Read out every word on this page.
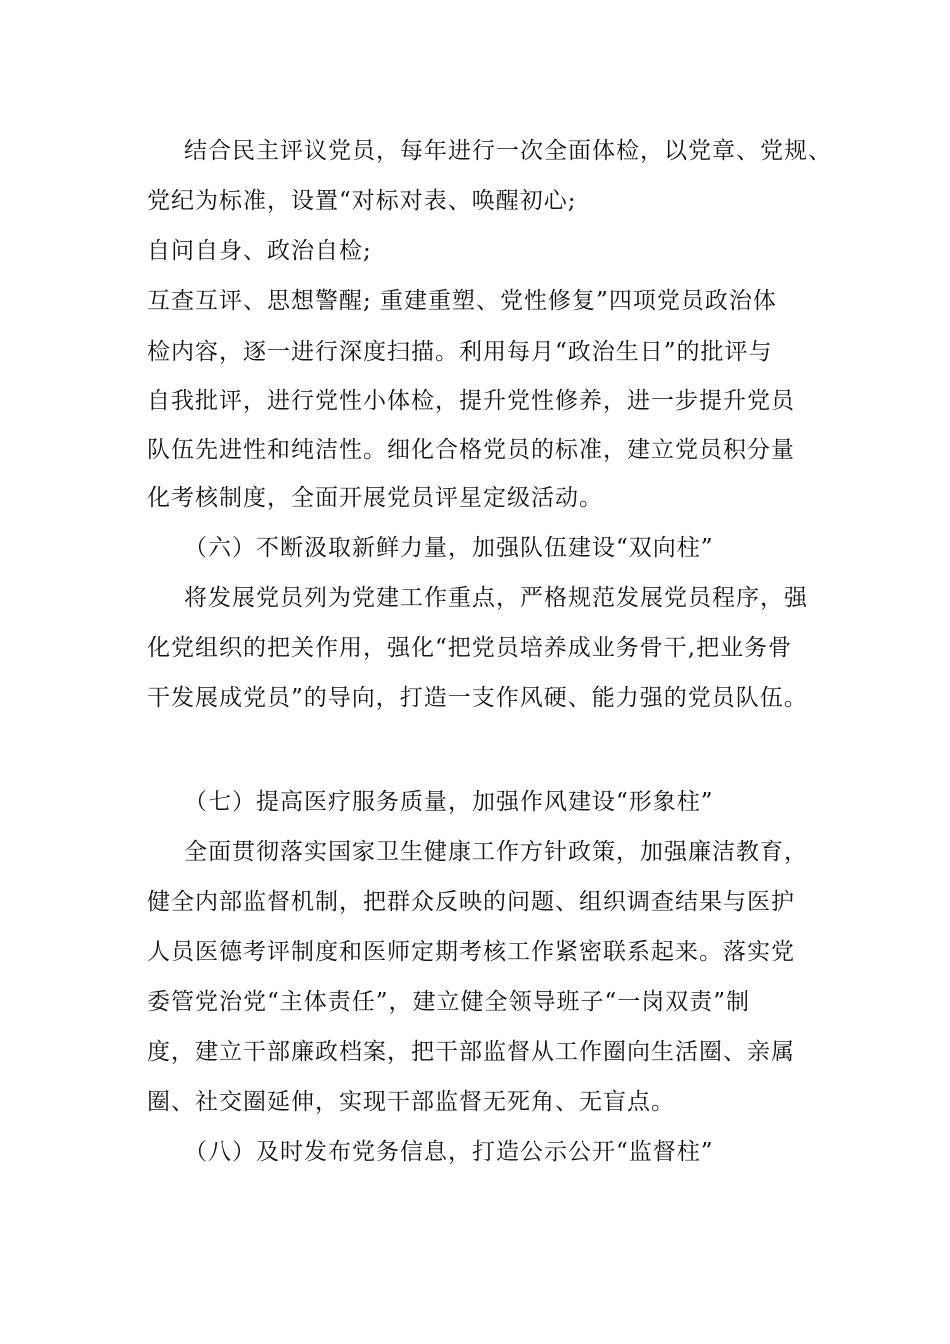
结合民主评议党员，每年进行一次全面体检，以党章、党规、
党纪为标准，设置“对标对表、唤醒初心;
自问自身、政治自检;
互查互评、思想警醒; 重建重塑、党性修复”四项党员政治体
检内容，逐一进行深度扫描。利用每月“政治生日”的批评与
自我批评，进行党性小体检，提升党性修养，进一步提升党员
队伍先进性和纯洁性。细化合格党员的标准，建立党员积分量
化考核制度，全面开展党员评星定级活动。
（六）不断汲取新鲜力量，加强队伍建设“双向柱”
将发展党员列为党建工作重点，严格规范发展党员程序，强
化党组织的把关作用，强化“把党员培养成业务骨干,把业务骨
干发展成党员”的导向，打造一支作风硬、能力强的党员队伍。
（七）提高医疗服务质量，加强作风建设“形象柱”
全面贯彻落实国家卫生健康工作方针政策，加强廉洁教育，
健全内部监督机制，把群众反映的问题、组织调查结果与医护
人员医德考评制度和医师定期考核工作紧密联系起来。落实党
委管党治党“主体责任”，建立健全领导班子“一岗双责”制
度，建立干部廉政档案，把干部监督从工作圈向生活圈、亲属
圈、社交圈延伸，实现干部监督无死角、无盲点。
（八）及时发布党务信息，打造公示公开“监督柱”
